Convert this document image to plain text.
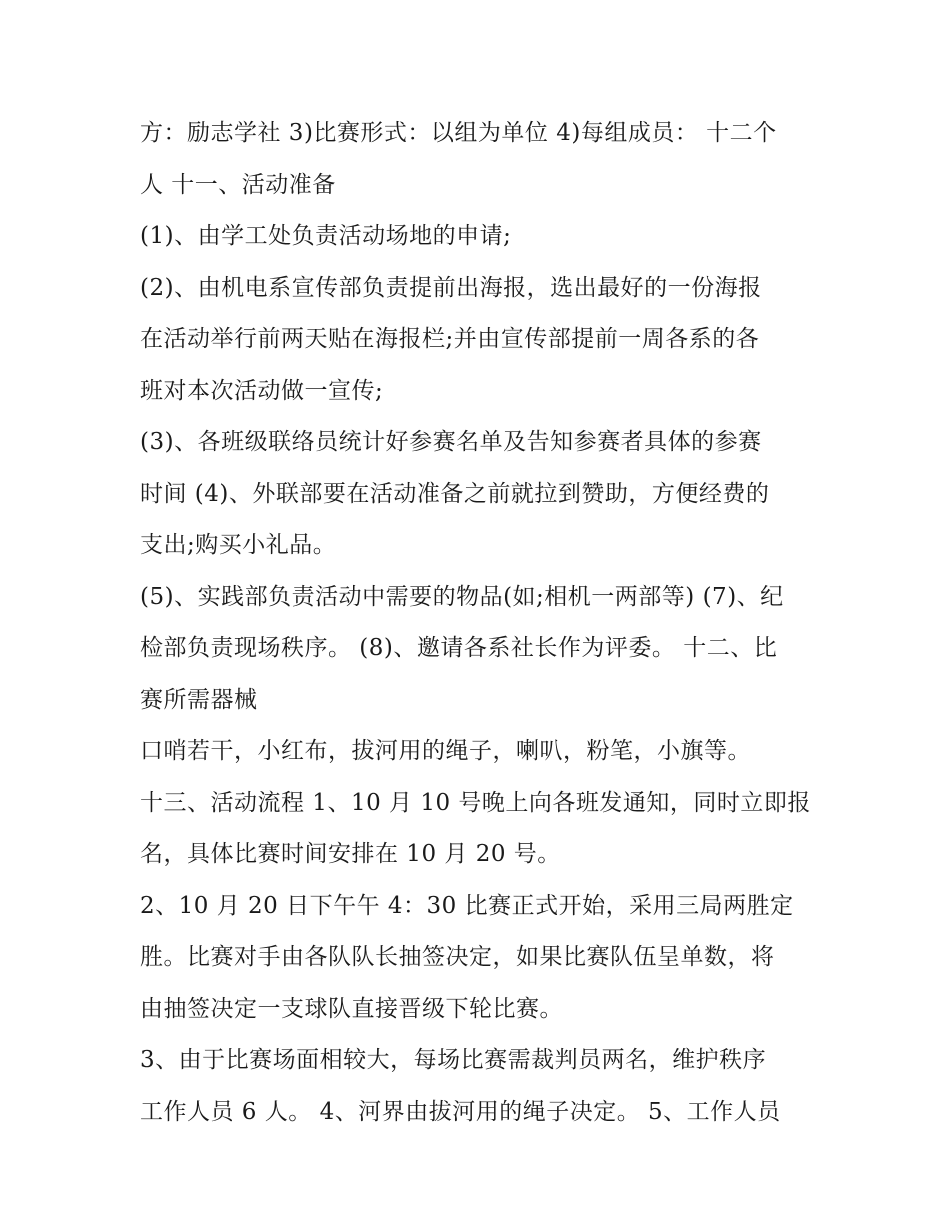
方：励志学社 3)比赛形式：以组为单位 4)每组成员： 十二个
人 十一、活动准备
(1)、由学工处负责活动场地的申请;
(2)、由机电系宣传部负责提前出海报，选出最好的一份海报
在活动举行前两天贴在海报栏;并由宣传部提前一周各系的各
班对本次活动做一宣传;
(3)、各班级联络员统计好参赛名单及告知参赛者具体的参赛
时间 (4)、外联部要在活动准备之前就拉到赞助，方便经费的
支出;购买小礼品。
(5)、实践部负责活动中需要的物品(如;相机一两部等) (7)、纪
检部负责现场秩序。 (8)、邀请各系社长作为评委。 十二、比
赛所需器械
口哨若干，小红布，拔河用的绳子，喇叭，粉笔，小旗等。
十三、活动流程 1、10 月 10 号晚上向各班发通知，同时立即报
名，具体比赛时间安排在 10 月 20 号。
2、10 月 20 日下午午 4：30 比赛正式开始，采用三局两胜定
胜。比赛对手由各队队长抽签决定，如果比赛队伍呈单数，将
由抽签决定一支球队直接晋级下轮比赛。
3、由于比赛场面相较大，每场比赛需裁判员两名，维护秩序
工作人员 6 人。 4、河界由拔河用的绳子决定。 5、工作人员
